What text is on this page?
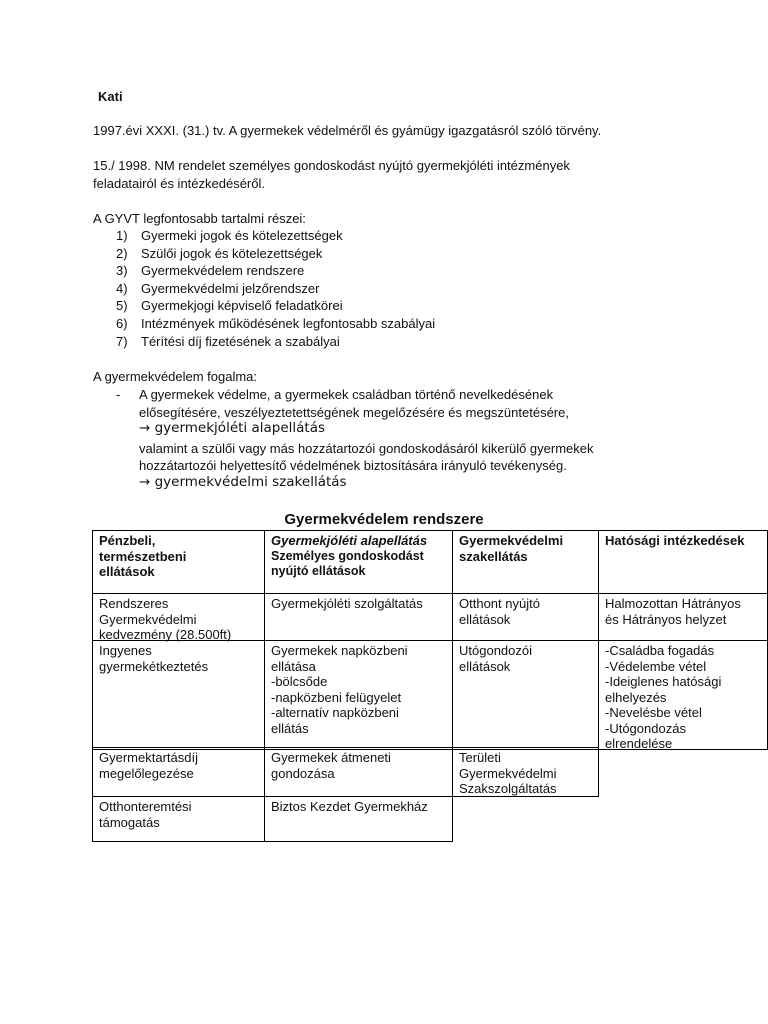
Kati
1997.évi XXXI. (31.) tv. A gyermekek védelméről és gyámügy igazgatásról szóló törvény.
15./ 1998. NM rendelet személyes gondoskodást nyújtó gyermekjóléti intézmények
feladatairól és intézkedéséről.
A GYVT legfontosabb tartalmi részei:
1) Gyermeki jogok és kötelezettségek
2) Szülői jogok és kötelezettségek
3) Gyermekvédelem rendszere
4) Gyermekvédelmi jelzőrendszer
5) Gyermekjogi képviselő feladatkörei
6) Intézmények működésének legfontosabb szabályai
7) Térítési díj fizetésének a szabályai
A gyermekvédelem fogalma:
- A gyermekek védelme, a gyermekek családban történő nevelkedésének
elősegítésére, veszélyeztetettségének megelőzésére és megszüntetésére,
→ gyermekjóléti alapellátás
valamint a szülői vagy más hozzátartozói gondoskodásáról kikerülő gyermekek
hozzátartozói helyettesítő védelmének biztosítására irányuló tevékenység.
→ gyermekvédelmi szakellátás
Gyermekvédelem rendszere
Pénzbeli,
természetbeni
ellátások
Gyermekjóléti alapellátás
Személyes gondoskodást
nyújtó ellátások
Gyermekvédelmi
szakellátás
Hatósági intézkedések
Rendszeres
Gyermekvédelmi
kedvezmény (28.500ft)
Gyermekjóléti szolgáltatás	Otthont nyújtó
ellátások
Halmozottan Hátrányos
és Hátrányos helyzet
Ingyenes
gyermekétkeztetés
Gyermekek napközbeni
ellátása
-bölcsőde
-napközbeni felügyelet
-alternatív napközbeni
ellátás
Utógondozói
ellátások
-Családba fogadás
-Védelembe vétel
-Ideiglenes hatósági
elhelyezés
-Nevelésbe vétel
-Utógondozás
elrendelése
Gyermektartásdíj
megelőlegezése
Gyermekek átmeneti
gondozása
Területi
Gyermekvédelmi
Szakszolgáltatás
Otthonteremtési
támogatás
Biztos Kezdet Gyermekház
